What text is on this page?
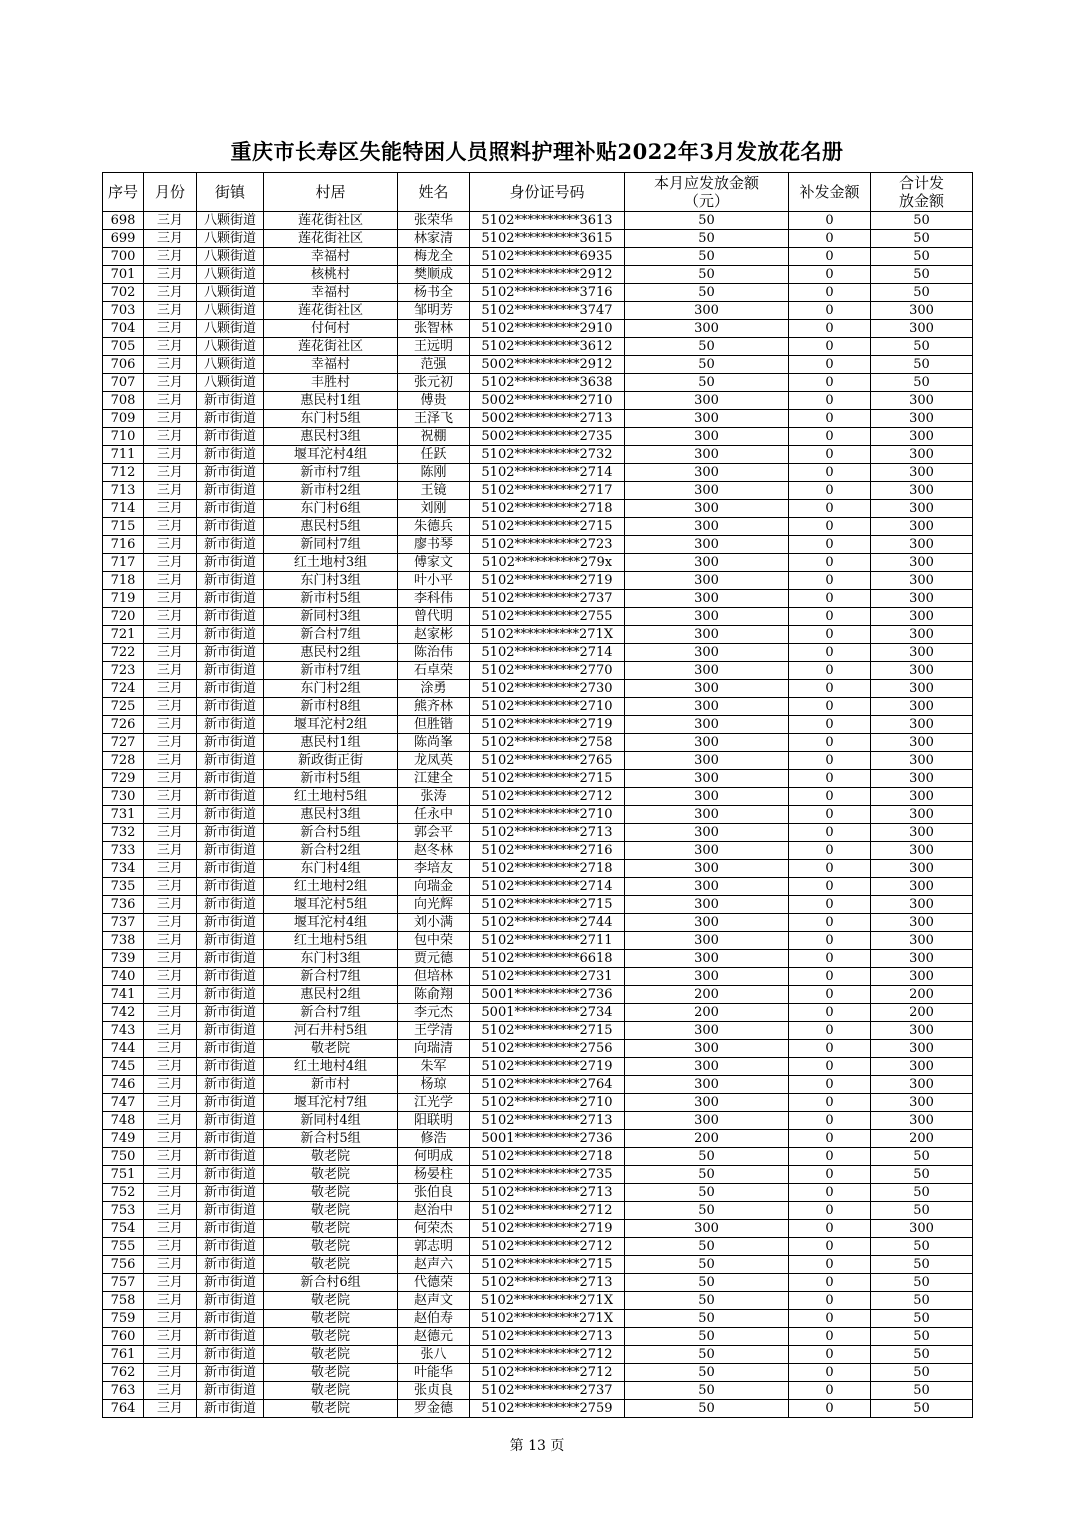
重庆市长寿区失能特困人员照料护理补贴2022年3月发放花名册
序号	月份	街镇	村居	姓名	身份证号码	本月应发放金额（元）	补发金额	合计发放金额
698	三月	八颗街道	莲花街社区	张荣华	5102**********3613	50	0	50
699	三月	八颗街道	莲花街社区	林家清	5102**********3615	50	0	50
700	三月	八颗街道	幸福村	梅龙全	5102**********6935	50	0	50
701	三月	八颗街道	核桃村	樊顺成	5102**********2912	50	0	50
702	三月	八颗街道	幸福村	杨书全	5102**********3716	50	0	50
703	三月	八颗街道	莲花街社区	邹明芳	5102**********3747	300	0	300
704	三月	八颗街道	付何村	张智林	5102**********2910	300	0	300
705	三月	八颗街道	莲花街社区	王远明	5102**********3612	50	0	50
706	三月	八颗街道	幸福村	范强	5002**********2912	50	0	50
707	三月	八颗街道	丰胜村	张元初	5102**********3638	50	0	50
708	三月	新市街道	惠民村1组	傅贵	5002**********2710	300	0	300
709	三月	新市街道	东门村5组	王泽飞	5002**********2713	300	0	300
710	三月	新市街道	惠民村3组	祝棚	5002**********2735	300	0	300
711	三月	新市街道	堰耳沱村4组	任跃	5102**********2732	300	0	300
712	三月	新市街道	新市村7组	陈刚	5102**********2714	300	0	300
713	三月	新市街道	新市村2组	王镜	5102**********2717	300	0	300
714	三月	新市街道	东门村6组	刘刚	5102**********2718	300	0	300
715	三月	新市街道	惠民村5组	朱德兵	5102**********2715	300	0	300
716	三月	新市街道	新同村7组	廖书琴	5102**********2723	300	0	300
717	三月	新市街道	红土地村3组	傅家文	5102**********279x	300	0	300
718	三月	新市街道	东门村3组	叶小平	5102**********2719	300	0	300
719	三月	新市街道	新市村5组	李科伟	5102**********2737	300	0	300
720	三月	新市街道	新同村3组	曾代明	5102**********2755	300	0	300
721	三月	新市街道	新合村7组	赵家彬	5102**********271X	300	0	300
722	三月	新市街道	惠民村2组	陈治伟	5102**********2714	300	0	300
723	三月	新市街道	新市村7组	石卓荣	5102**********2770	300	0	300
724	三月	新市街道	东门村2组	涂勇	5102**********2730	300	0	300
725	三月	新市街道	新市村8组	熊齐林	5102**********2710	300	0	300
726	三月	新市街道	堰耳沱村2组	但胜锴	5102**********2719	300	0	300
727	三月	新市街道	惠民村1组	陈尚峯	5102**********2758	300	0	300
728	三月	新市街道	新政街正街	龙凤英	5102**********2765	300	0	300
729	三月	新市街道	新市村5组	江建全	5102**********2715	300	0	300
730	三月	新市街道	红土地村5组	张涛	5102**********2712	300	0	300
731	三月	新市街道	惠民村3组	任永中	5102**********2710	300	0	300
732	三月	新市街道	新合村5组	郭会平	5102**********2713	300	0	300
733	三月	新市街道	新合村2组	赵冬林	5102**********2716	300	0	300
734	三月	新市街道	东门村4组	李培友	5102**********2718	300	0	300
735	三月	新市街道	红土地村2组	向瑞金	5102**********2714	300	0	300
736	三月	新市街道	堰耳沱村5组	向光辉	5102**********2715	300	0	300
737	三月	新市街道	堰耳沱村4组	刘小满	5102**********2744	300	0	300
738	三月	新市街道	红土地村5组	包中荣	5102**********2711	300	0	300
739	三月	新市街道	东门村3组	贾元德	5102**********6618	300	0	300
740	三月	新市街道	新合村7组	但培林	5102**********2731	300	0	300
741	三月	新市街道	惠民村2组	陈俞翔	5001**********2736	200	0	200
742	三月	新市街道	新合村7组	李元杰	5001**********2734	200	0	200
743	三月	新市街道	河石井村5组	王学清	5102**********2715	300	0	300
744	三月	新市街道	敬老院	向瑞清	5102**********2756	300	0	300
745	三月	新市街道	红土地村4组	朱军	5102**********2719	300	0	300
746	三月	新市街道	新市村	杨琼	5102**********2764	300	0	300
747	三月	新市街道	堰耳沱村7组	江光学	5102**********2710	300	0	300
748	三月	新市街道	新同村4组	阳联明	5102**********2713	300	0	300
749	三月	新市街道	新合村5组	修浩	5001**********2736	200	0	200
750	三月	新市街道	敬老院	何明成	5102**********2718	50	0	50
751	三月	新市街道	敬老院	杨晏柱	5102**********2735	50	0	50
752	三月	新市街道	敬老院	张伯良	5102**********2713	50	0	50
753	三月	新市街道	敬老院	赵治中	5102**********2712	50	0	50
754	三月	新市街道	敬老院	何荣杰	5102**********2719	300	0	300
755	三月	新市街道	敬老院	郭志明	5102**********2712	50	0	50
756	三月	新市街道	敬老院	赵声六	5102**********2715	50	0	50
757	三月	新市街道	新合村6组	代德荣	5102**********2713	50	0	50
758	三月	新市街道	敬老院	赵声文	5102**********271X	50	0	50
759	三月	新市街道	敬老院	赵伯寿	5102**********271X	50	0	50
760	三月	新市街道	敬老院	赵德元	5102**********2713	50	0	50
761	三月	新市街道	敬老院	张八	5102**********2712	50	0	50
762	三月	新市街道	敬老院	叶能华	5102**********2712	50	0	50
763	三月	新市街道	敬老院	张贞良	5102**********2737	50	0	50
764	三月	新市街道	敬老院	罗金德	5102**********2759	50	0	50
第 13 页
